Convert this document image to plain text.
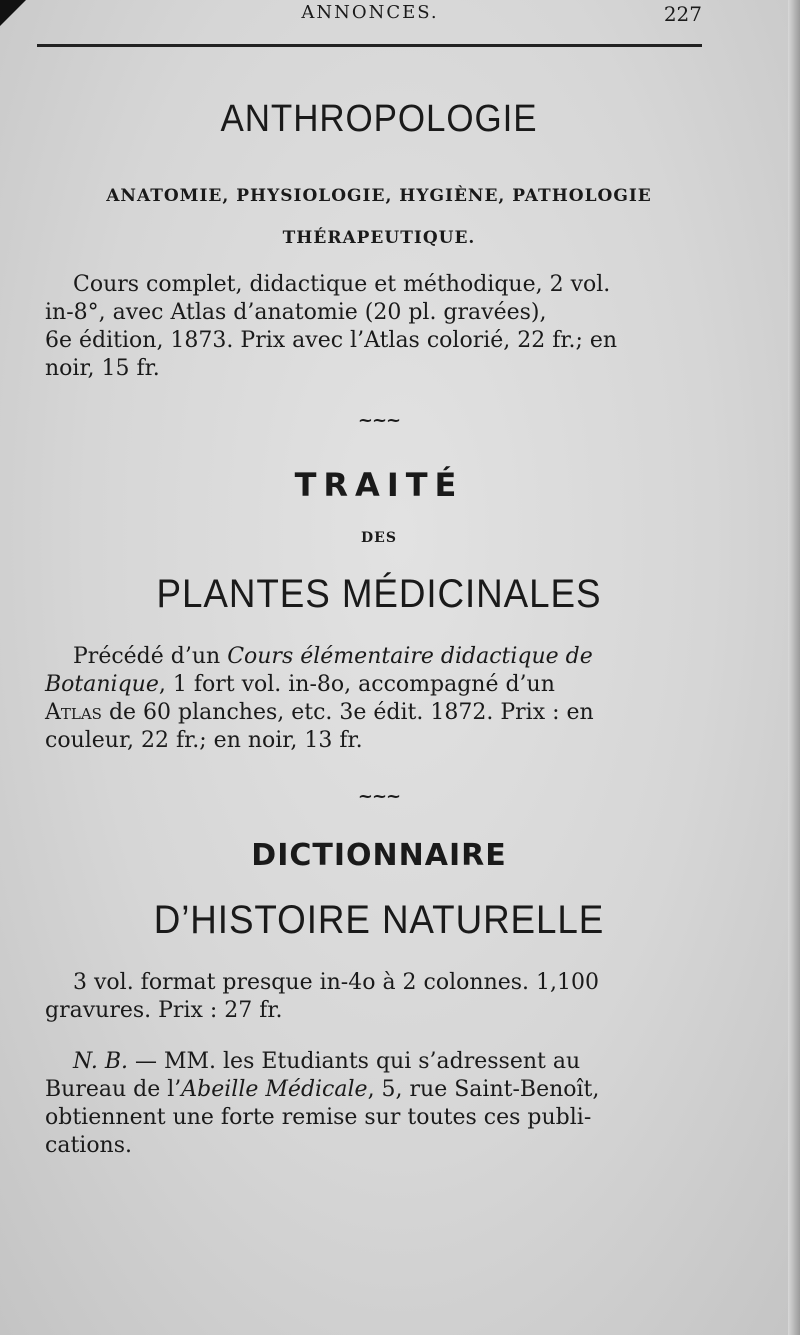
ANNONCES.	227
ANTHROPOLOGIE
ANATOMIE, PHYSIOLOGIE, HYGIÈNE, PATHOLOGIE
THÉRAPEUTIQUE.
Cours complet, didactique et méthodique, 2 vol.
in-8°, avec Atlas d’anatomie (20 pl. gravées),
6e édition, 1873. Prix avec l’Atlas colorié, 22 fr.; en
noir, 15 fr.
~~~
TRAITÉ
DES
PLANTES MÉDICINALES
Précédé d’un Cours élémentaire didactique de
Botanique, 1 fort vol. in-8o, accompagné d’un
Atlas de 60 planches, etc. 3e édit. 1872. Prix : en
couleur, 22 fr.; en noir, 13 fr.
~~~
DICTIONNAIRE
D’HISTOIRE NATURELLE
3 vol. format presque in-4o à 2 colonnes. 1,100
gravures. Prix : 27 fr.
N. B. — MM. les Etudiants qui s’adressent au
Bureau de l’Abeille Médicale, 5, rue Saint-Benoît,
obtiennent une forte remise sur toutes ces publi-
cations.
